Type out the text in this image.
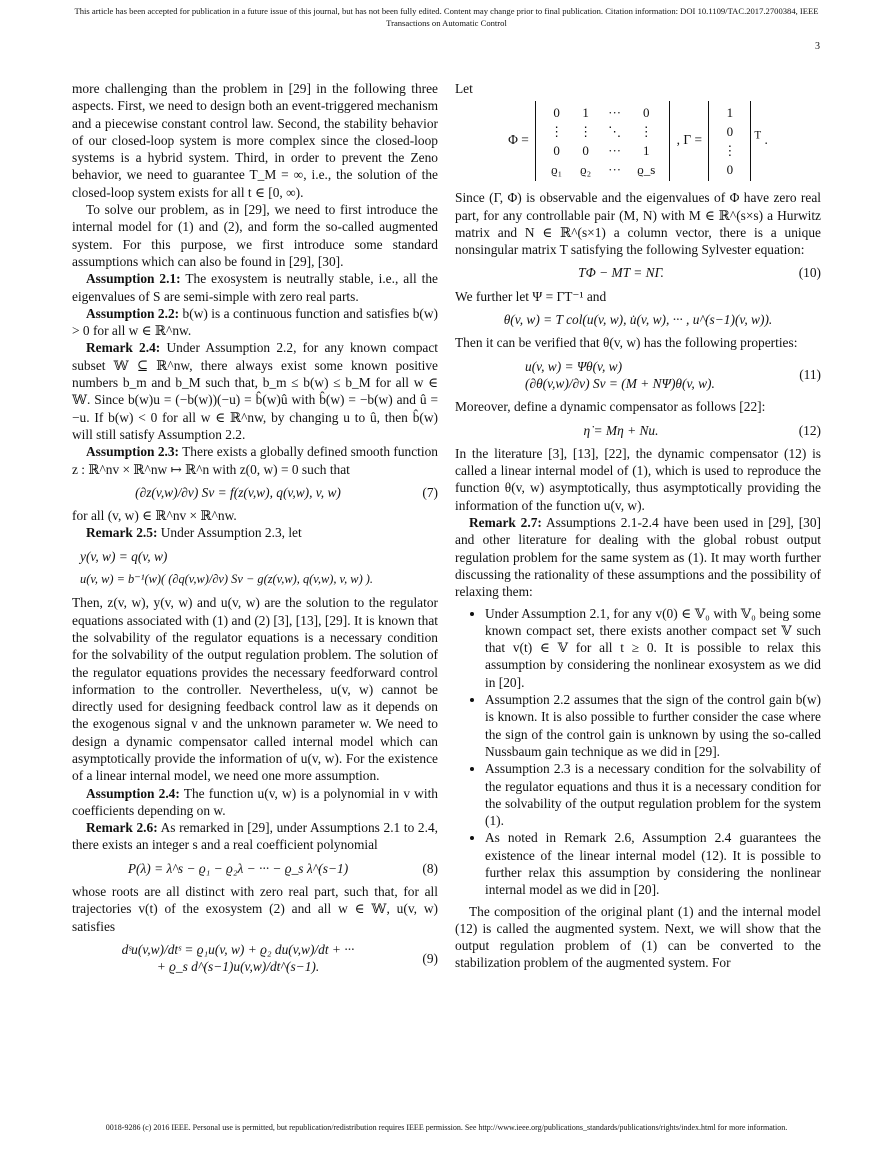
This article has been accepted for publication in a future issue of this journal, but has not been fully edited. Content may change prior to final publication. Citation information: DOI 10.1109/TAC.2017.2700384, IEEE
Transactions on Automatic Control
3

more challenging than the problem in [29] in the following three aspects. First, we need to design both an event-triggered mechanism and a piecewise constant control law. Second, the stability behavior of our closed-loop system is more complex since the closed-loop systems is a hybrid system. Third, in order to prevent the Zeno behavior, we need to guarantee T_M = ∞, i.e., the solution of the closed-loop system exists for all t ∈ [0, ∞).

To solve our problem, as in [29], we need to first introduce the internal model for (1) and (2), and form the so-called augmented system. For this purpose, we first introduce some standard assumptions which can also be found in [29], [30].

Assumption 2.1: The exosystem is neutrally stable, i.e., all the eigenvalues of S are semi-simple with zero real parts.

Assumption 2.2: b(w) is a continuous function and satisfies b(w) > 0 for all w ∈ ℝ^nw.

Remark 2.4: Under Assumption 2.2, for any known compact subset 𝕎 ⊆ ℝ^nw, there always exist some known positive numbers b_m and b_M such that, b_m ≤ b(w) ≤ b_M for all w ∈ 𝕎. Since b(w)u = (−b(w))(−u) = b̂(w)û with b̂(w) = −b(w) and û = −u. If b(w) < 0 for all w ∈ ℝ^nw, by changing u to û, then b̂(w) will still satisfy Assumption 2.2.

Assumption 2.3: There exists a globally defined smooth function z : ℝ^nv × ℝ^nw ↦ ℝ^n with z(0, w) = 0 such that

(∂z(v,w)/∂v) Sv = f(z(v,w), q(v,w), v, w)	(7)

for all (v, w) ∈ ℝ^nv × ℝ^nw.

Remark 2.5: Under Assumption 2.3, let

y(v, w) = q(v, w)
u(v, w) = b⁻¹(w)( (∂q(v,w)/∂v) Sv − g(z(v,w), q(v,w), v, w) ).

Then, z(v, w), y(v, w) and u(v, w) are the solution to the regulator equations associated with (1) and (2) [3], [13], [29]. It is known that the solvability of the regulator equations is a necessary condition for the solvability of the output regulation problem. The solution of the regulator equations provides the necessary feedforward control information to the controller. Nevertheless, u(v, w) cannot be directly used for designing feedback control law as it depends on the exogenous signal v and the unknown parameter w. We need to design a dynamic compensator called internal model which can asymptotically provide the information of u(v, w). For the existence of a linear internal model, we need one more assumption.

Assumption 2.4: The function u(v, w) is a polynomial in v with coefficients depending on w.

Remark 2.6: As remarked in [29], under Assumptions 2.1 to 2.4, there exists an integer s and a real coefficient polynomial

P(λ) = λ^s − ϱ₁ − ϱ₂λ − ··· − ϱ_s λ^(s−1)	(8)

whose roots are all distinct with zero real part, such that, for all trajectories v(t) of the exosystem (2) and all w ∈ 𝕎, u(v, w) satisfies

dˢu(v,w)/dtˢ = ϱ₁u(v, w) + ϱ₂ du(v,w)/dt + ···
+ ϱ_s d^(s−1)u(v,w)/dt^(s−1).
(9)

Let

Φ =
0	1	···	0
⋮	⋮	⋱	⋮
0	0	···	1
ϱ₁	ϱ₂	···	ϱ_s
, Γ =
1
0
⋮
0
$^T$ .

Since (Γ, Φ) is observable and the eigenvalues of Φ have zero real part, for any controllable pair (M, N) with M ∈ ℝ^(s×s) a Hurwitz matrix and N ∈ ℝ^(s×1) a column vector, there is a unique nonsingular matrix T satisfying the following Sylvester equation:

TΦ − MT = NΓ.	(10)

We further let Ψ = ΓT⁻¹ and

θ(v, w) = T col(u(v, w), u̇(v, w), ··· , u^(s−1)(v, w)).

Then it can be verified that θ(v, w) has the following properties:

u(v, w) = Ψθ(v, w)
(∂θ(v,w)/∂v) Sv = (M + NΨ)θ(v, w).
(11)

Moreover, define a dynamic compensator as follows [22]:

η̇ = Mη + Nu.	(12)

In the literature [3], [13], [22], the dynamic compensator (12) is called a linear internal model of (1), which is used to reproduce the function θ(v, w) asymptotically, thus asymptotically providing the information of the function u(v, w).

Remark 2.7: Assumptions 2.1-2.4 have been used in [29], [30] and other literature for dealing with the global robust output regulation problem for the same system as (1). It may worth further discussing the rationality of these assumptions and the possibility of relaxing them:

• Under Assumption 2.1, for any v(0) ∈ 𝕍₀ with 𝕍₀ being some known compact set, there exists another compact set 𝕍 such that v(t) ∈ 𝕍 for all t ≥ 0. It is possible to relax this assumption by considering the nonlinear exosystem as we did in [20].
• Assumption 2.2 assumes that the sign of the control gain b(w) is known. It is also possible to further consider the case where the sign of the control gain is unknown by using the so-called Nussbaum gain technique as we did in [29].
• Assumption 2.3 is a necessary condition for the solvability of the regulator equations and thus it is a necessary condition for the solvability of the output regulation problem for the system (1).
• As noted in Remark 2.6, Assumption 2.4 guarantees the existence of the linear internal model (12). It is possible to further relax this assumption by considering the nonlinear internal model as we did in [20].

The composition of the original plant (1) and the internal model (12) is called the augmented system. Next, we will show that the output regulation problem of (1) can be converted to the stabilization problem of the augmented system. For

0018-9286 (c) 2016 IEEE. Personal use is permitted, but republication/redistribution requires IEEE permission. See http://www.ieee.org/publications_standards/publications/rights/index.html for more information.
